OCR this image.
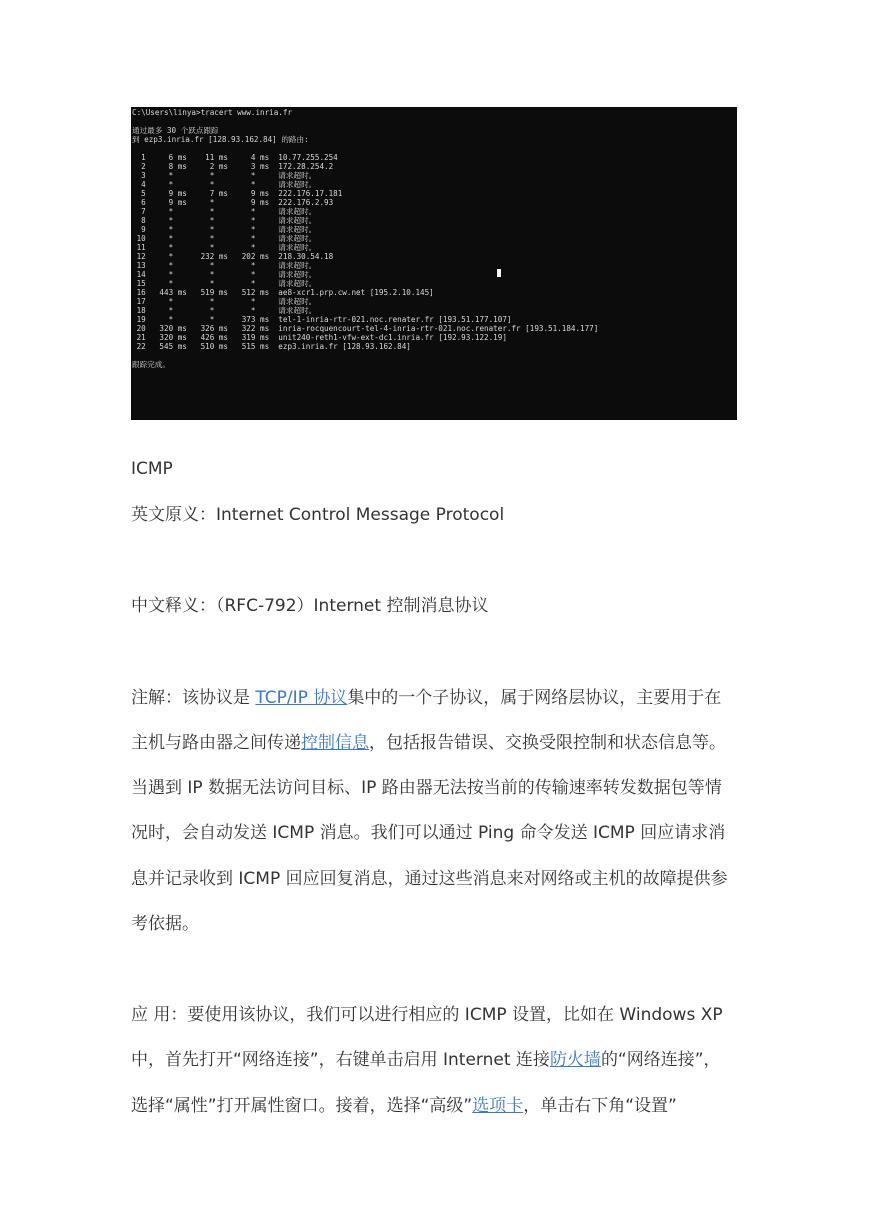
C:\Users\linya>tracert www.inria.fr
通过最多 30 个跃点跟踪
到 ezp3.inria.fr [128.93.162.84] 的路由:
1     6 ms    11 ms     4 ms  10.77.255.254
2     8 ms     2 ms     3 ms  172.28.254.2
3     *        *        *     请求超时。
4     *        *        *     请求超时。
5     9 ms     7 ms     9 ms  222.176.17.181
6     9 ms     *        9 ms  222.176.2.93
7     *        *        *     请求超时。
8     *        *        *     请求超时。
9     *        *        *     请求超时。
10     *        *        *     请求超时。
11     *        *        *     请求超时。
12     *      232 ms   202 ms  218.30.54.18
13     *        *        *     请求超时。
14     *        *        *     请求超时。
15     *        *        *     请求超时。
16   443 ms   519 ms   512 ms  ae8-xcr1.prp.cw.net [195.2.10.145]
17     *        *        *     请求超时。
18     *        *        *     请求超时。
19     *        *      373 ms  tel-1-inria-rtr-021.noc.renater.fr [193.51.177.107]
20   320 ms   326 ms   322 ms  inria-rocquencourt-tel-4-inria-rtr-021.noc.renater.fr [193.51.184.177]
21   320 ms   426 ms   319 ms  unit240-reth1-vfw-ext-dc1.inria.fr [192.93.122.19]
22   545 ms   510 ms   515 ms  ezp3.inria.fr [128.93.162.84]
跟踪完成。

ICMP

英文原义：Internet Control Message Protocol

中文释义：（RFC-792）Internet 控制消息协议

注解：该协议是 TCP/IP 协议集中的一个子协议，属于网络层协议，主要用于在

主机与路由器之间传递控制信息，包括报告错误、交换受限控制和状态信息等。

当遇到 IP 数据无法访问目标、IP 路由器无法按当前的传输速率转发数据包等情

况时，会自动发送 ICMP 消息。我们可以通过 Ping 命令发送 ICMP 回应请求消

息并记录收到 ICMP 回应回复消息，通过这些消息来对网络或主机的故障提供参

考依据。

应 用：要使用该协议，我们可以进行相应的 ICMP 设置，比如在 Windows XP

中，首先打开“网络连接”，右键单击启用 Internet 连接防火墙的“网络连接”，

选择“属性”打开属性窗口。接着，选择“高级”选项卡，单击右下角“设置”
